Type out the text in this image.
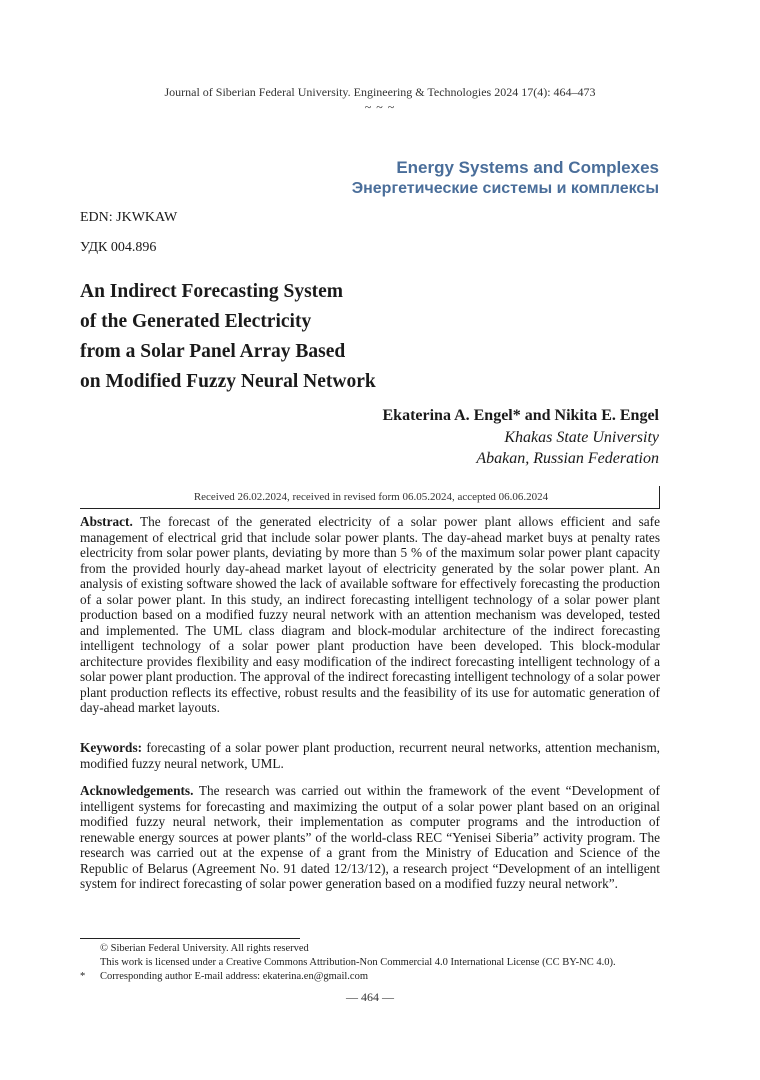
Journal of Siberian Federal University. Engineering & Technologies 2024 17(4): 464–473
~ ~ ~
Energy Systems and Complexes
Энергетические системы и комплексы
EDN: JKWKAW
УДК 004.896
An Indirect Forecasting System
of the Generated Electricity
from a Solar Panel Array Based
on Modified Fuzzy Neural Network
Ekaterina A. Engel* and Nikita E. Engel
Khakas State University
Abakan, Russian Federation
Received 26.02.2024, received in revised form 06.05.2024, accepted 06.06.2024
Abstract. The forecast of the generated electricity of a solar power plant allows efficient and safe management of electrical grid that include solar power plants. The day-ahead market buys at penalty rates electricity from solar power plants, deviating by more than 5 % of the maximum solar power plant capacity from the provided hourly day-ahead market layout of electricity generated by the solar power plant. An analysis of existing software showed the lack of available software for effectively forecasting the production of a solar power plant. In this study, an indirect forecasting intelligent technology of a solar power plant production based on a modified fuzzy neural network with an attention mechanism was developed, tested and implemented. The UML class diagram and block-modular architecture of the indirect forecasting intelligent technology of a solar power plant production have been developed. This block-modular architecture provides flexibility and easy modification of the indirect forecasting intelligent technology of a solar power plant production. The approval of the indirect forecasting intelligent technology of a solar power plant production reflects its effective, robust results and the feasibility of its use for automatic generation of day-ahead market layouts.
Keywords: forecasting of a solar power plant production, recurrent neural networks, attention mechanism, modified fuzzy neural network, UML.
Acknowledgements. The research was carried out within the framework of the event “Development of intelligent systems for forecasting and maximizing the output of a solar power plant based on an original modified fuzzy neural network, their implementation as computer programs and the introduction of renewable energy sources at power plants” of the world-class REC “Yenisei Siberia” activity program. The research was carried out at the expense of a grant from the Ministry of Education and Science of the Republic of Belarus (Agreement No. 91 dated 12/13/12), a research project “Development of an intelligent system for indirect forecasting of solar power generation based on a modified fuzzy neural network”.
© Siberian Federal University. All rights reserved
This work is licensed under a Creative Commons Attribution-Non Commercial 4.0 International License (CC BY-NC 4.0).
* Corresponding author E-mail address: ekaterina.en@gmail.com
— 464 —
